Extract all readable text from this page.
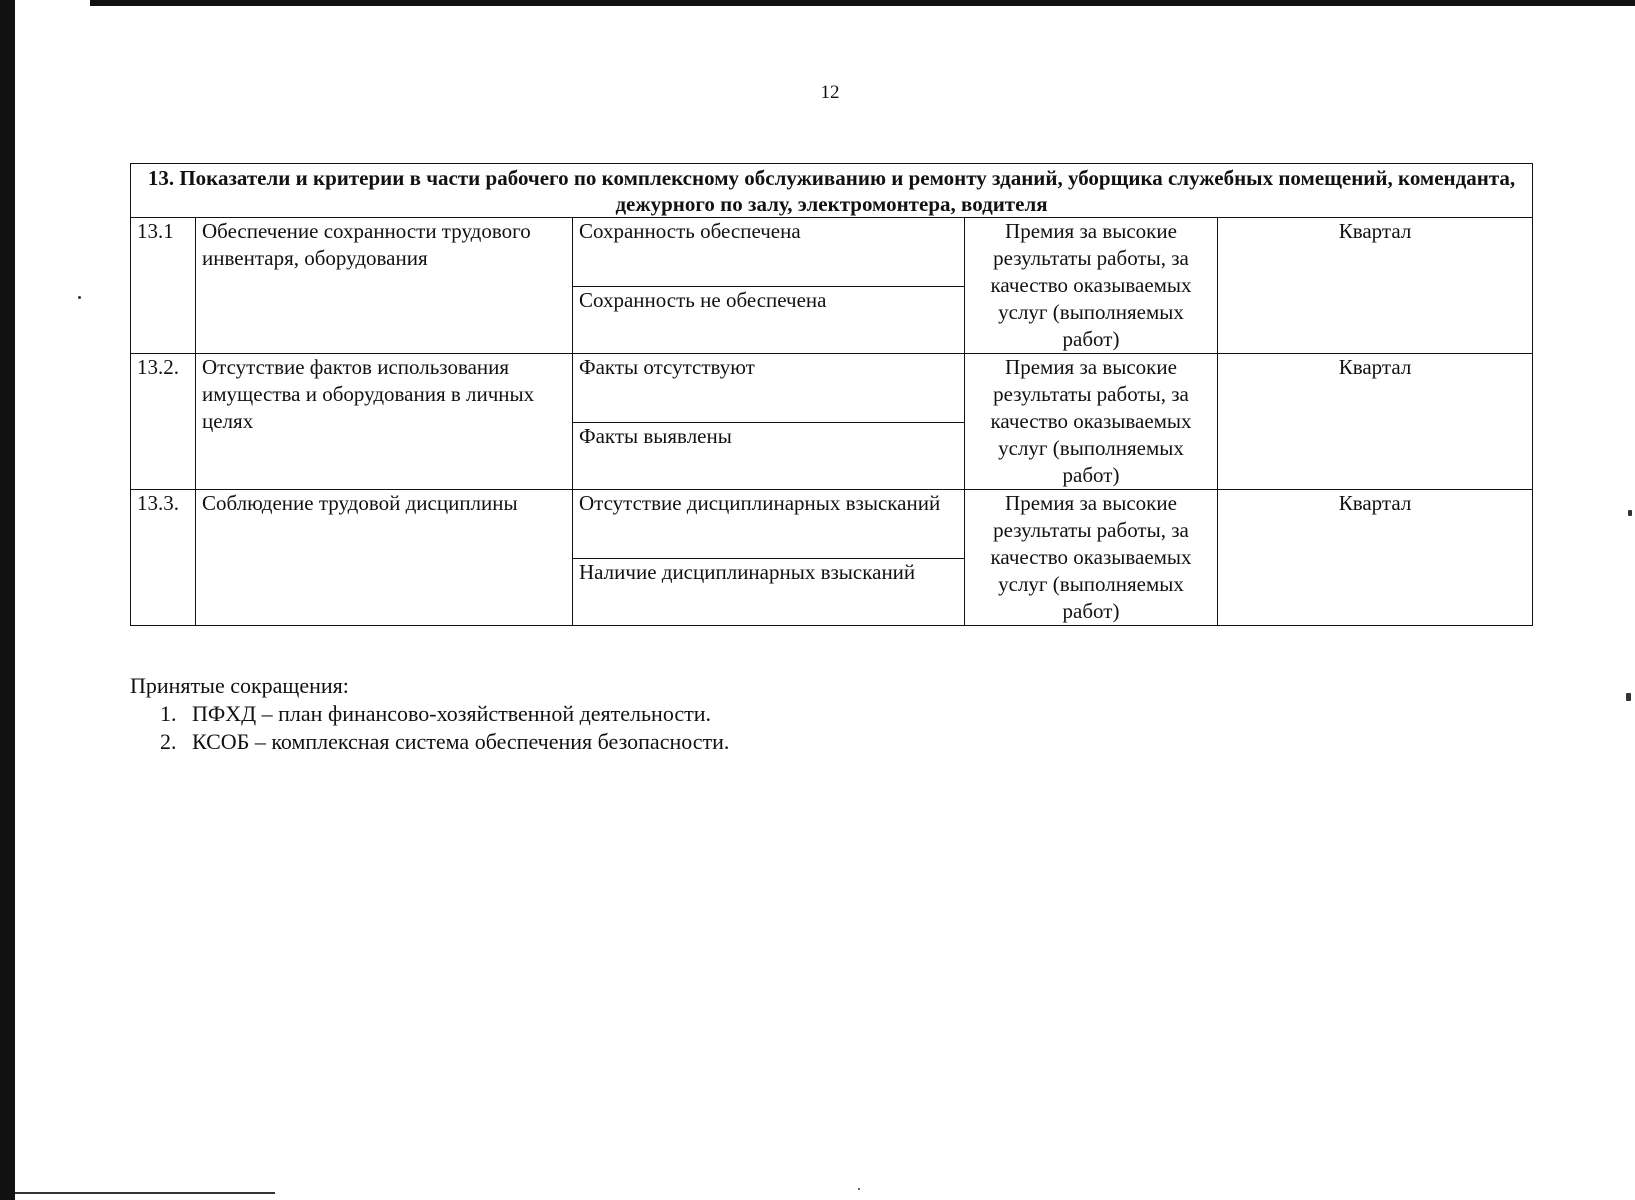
12
13. Показатели и критерии в части рабочего по комплексному обслуживанию и ремонту зданий, уборщика служебных помещений, коменданта, дежурного по залу, электромонтера, водителя				
13.1	Обеспечение сохранности трудового инвентаря, оборудования	Сохранность обеспечена	Премия за высокие результаты работы, за качество оказываемых услуг (выполняемых работ)	Квартал
		Сохранность не обеспечена		
13.2.	Отсутствие фактов использования имущества и оборудования в личных целях	Факты отсутствуют	Премия за высокие результаты работы, за качество оказываемых услуг (выполняемых работ)	Квартал
		Факты выявлены		
13.3.	Соблюдение трудовой дисциплины	Отсутствие дисциплинарных взысканий	Премия за высокие результаты работы, за качество оказываемых услуг (выполняемых работ)	Квартал
		Наличие дисциплинарных взысканий		
Принятые сокращения:
1. ПФХД – план финансово-хозяйственной деятельности.
2. КСОБ – комплексная система обеспечения безопасности.
